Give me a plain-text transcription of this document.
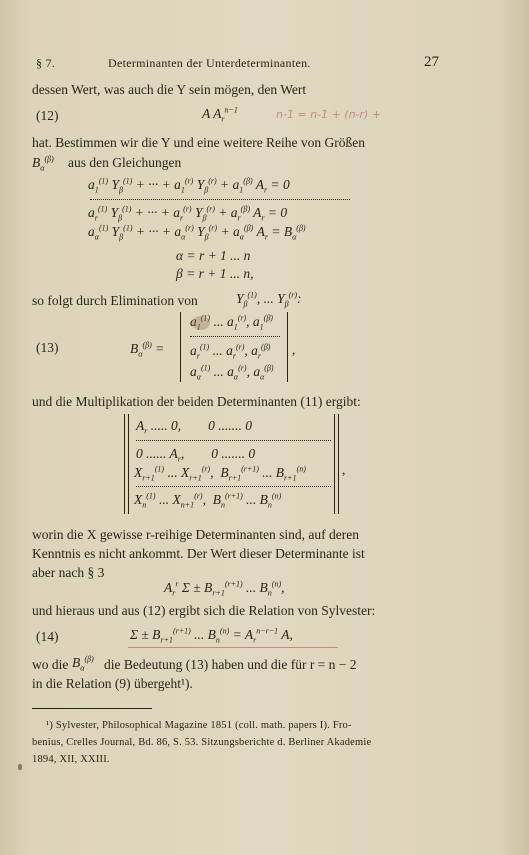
§ 7.	Determinanten der Unterdeterminanten.	27
dessen Wert, was auch die Y sein mögen, den Wert
(12)	A $A_r^{n-1}$	n-1 = n-1 + (n-r) +
hat. Bestimmen wir die Y und eine weitere Reihe von Größen
$B_\alpha^{(\beta)}$ aus den Gleichungen
$a_1^{(1)}$ $Y_\beta^{(1)}$ + ··· + $a_1^{(r)}$ $Y_\beta^{(r)} + a_1^{(\beta)}$ $A_r = 0$
$a_r^{(1)}$ $Y_\beta^{(1)}$ + ··· + $a_r^{(r)}$ $Y_\beta^{(r)} + a_r^{(\beta)}$ $A_r = 0$
$a_\alpha^{(1)}$ $Y_\beta^{(1)}$ + ··· + $a_\alpha^{(r)}$ $Y_\beta^{(r)} + a_\alpha^{(\beta)}$ $A_r = B_\alpha^{(\beta)}$
α = r + 1 ... n
β = r + 1 ... n,
so folgt durch Elimination von	$Y_\beta^{(1)}$, ... $Y_\beta^{(r)}$:
(13)	$B_\alpha^{(\beta)}$ =
$a_1^{(1)}$ ... $a_1^{(r)}$, $a_1^{(\beta)}$
$a_r^{(1)}$ ... $a_r^{(r)}$, $a_r^{(\beta)}$
$a_\alpha^{(1)}$ ... $a_\alpha^{(r)}$, $a_\alpha^{(\beta)}$
,
und die Multiplikation der beiden Determinanten (11) ergibt:
$A_r$ ..... 0,        0 ....... 0
0 ...... $A_r$,        0 ....... 0
$X_{r+1}^{(1)}$ ... $X_{r+1}^{(r)}$,  $B_{r+1}^{(r+1)}$ ... $B_{r+1}^{(n)}$
$X_n^{(1)}$ ... $X_{n+1}^{(r)}$,  $B_n^{(r+1)}$ ... $B_n^{(n)}$
,
worin die X gewisse r-reihige Determinanten sind, auf deren
Kenntnis es nicht ankommt. Der Wert dieser Determinante ist
aber nach § 3
$A_r^r$ $\Sigma \pm B_{r+1}^{(r+1)}$ ... $B_n^{(n)}$,
und hieraus und aus (12) ergibt sich die Relation von Sylvester:
(14)	$\Sigma \pm B_{r+1}^{(r+1)}$ ... $B_n^{(n)} = A_r^{n-r-1}$ A,
wo die $B_\alpha^{(\beta)}$ die Bedeutung (13) haben und die für r = n − 2
in die Relation (9) übergeht¹).
¹) Sylvester, Philosophical Magazine 1851 (coll. math. papers I). Fro-
benius, Crelles Journal, Bd. 86, S. 53. Sitzungsberichte d. Berliner Akademie
1894, XII, XXIII.
